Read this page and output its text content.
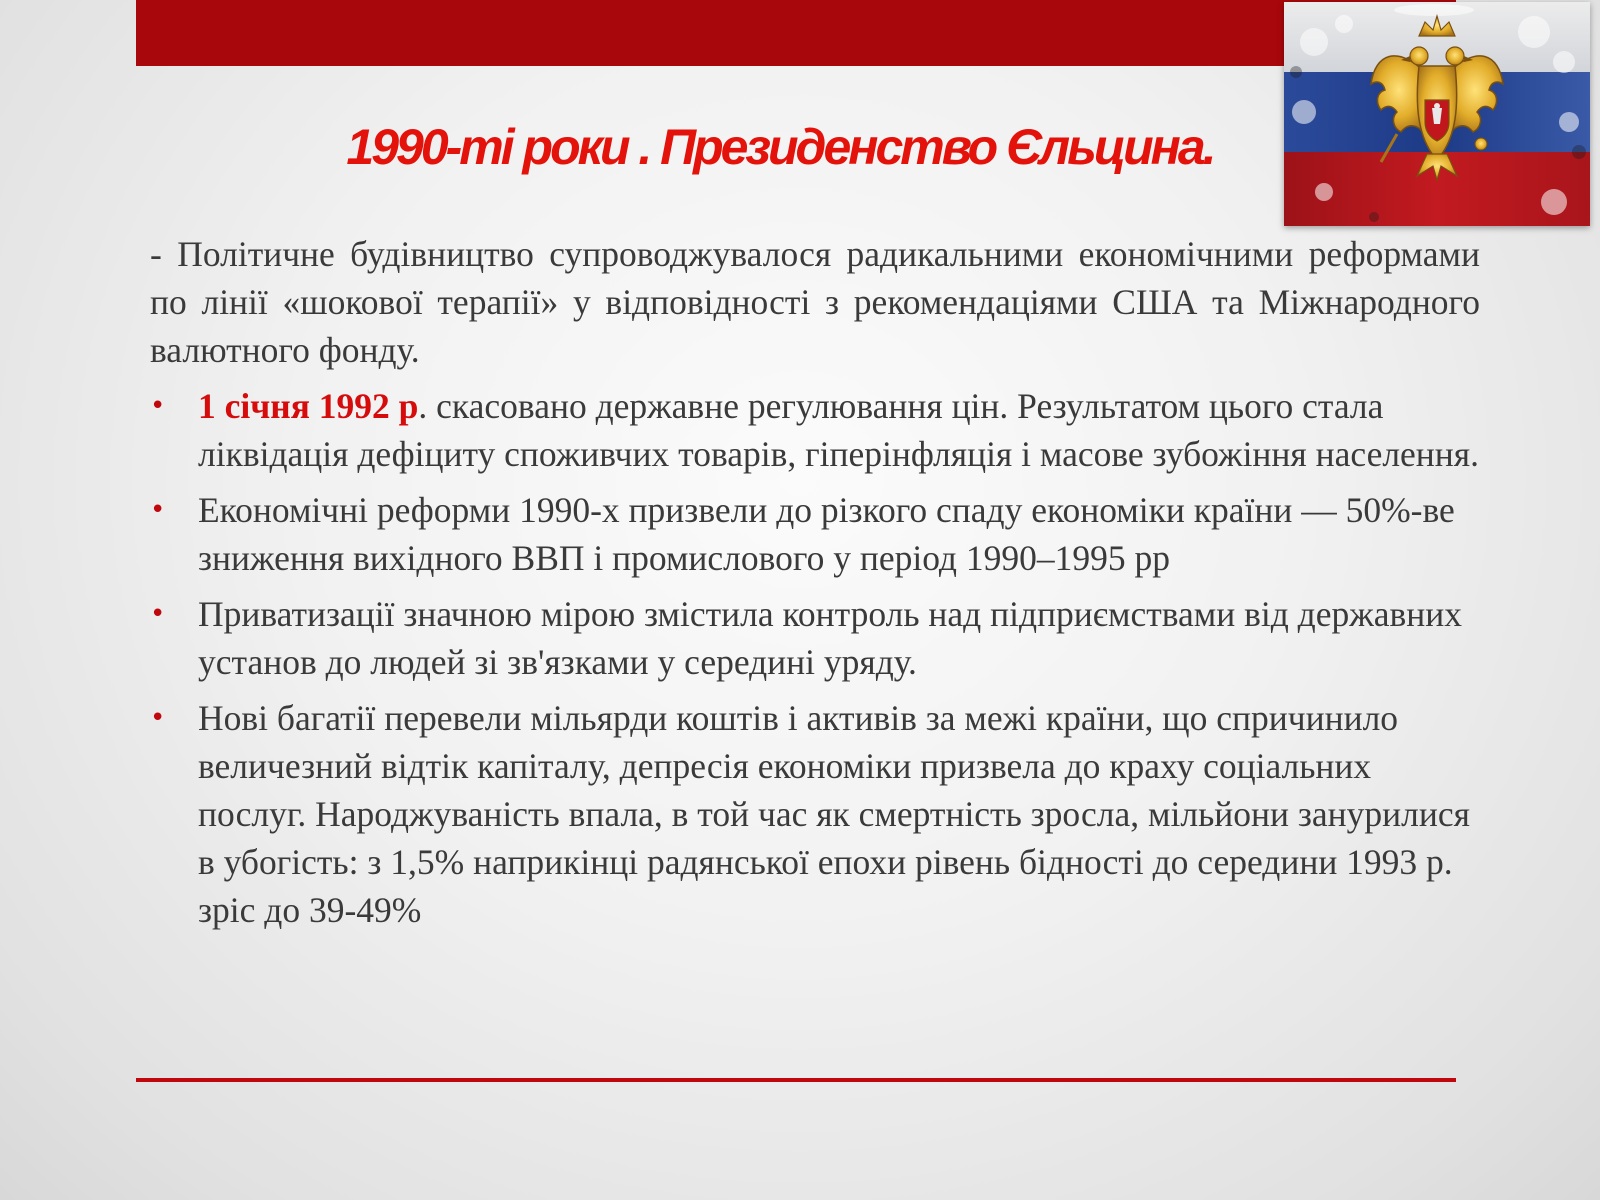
1990-ті роки . Президенство Єльцина.

- Політичне будівництво супроводжувалося радикальними економічними реформами по лінії «шокової терапії» у відповідності з рекомендаціями США та Міжнародного валютного фонду.

• 1 січня 1992 р. скасовано державне регулювання цін. Результатом цього стала ліквідація дефіциту споживчих товарів, гіперінфляція і масове зубожіння населення.
• Економічні реформи 1990-х призвели до різкого спаду економіки країни — 50%-ве зниження вихідного ВВП і промислового у період 1990–1995 рр
• Приватизації значною мірою змістила контроль над підприємствами від державних установ до людей зі зв'язками у середині уряду.
• Нові багатії перевели мільярди коштів і активів за межі країни, що спричинило величезний відтік капіталу, депресія економіки призвела до краху соціальних послуг. Народжуваність впала, в той час як смертність зросла, мільйони занурилися в убогість: з 1,5% наприкінці радянської епохи рівень бідності до середини 1993 р. зріс до 39-49%
